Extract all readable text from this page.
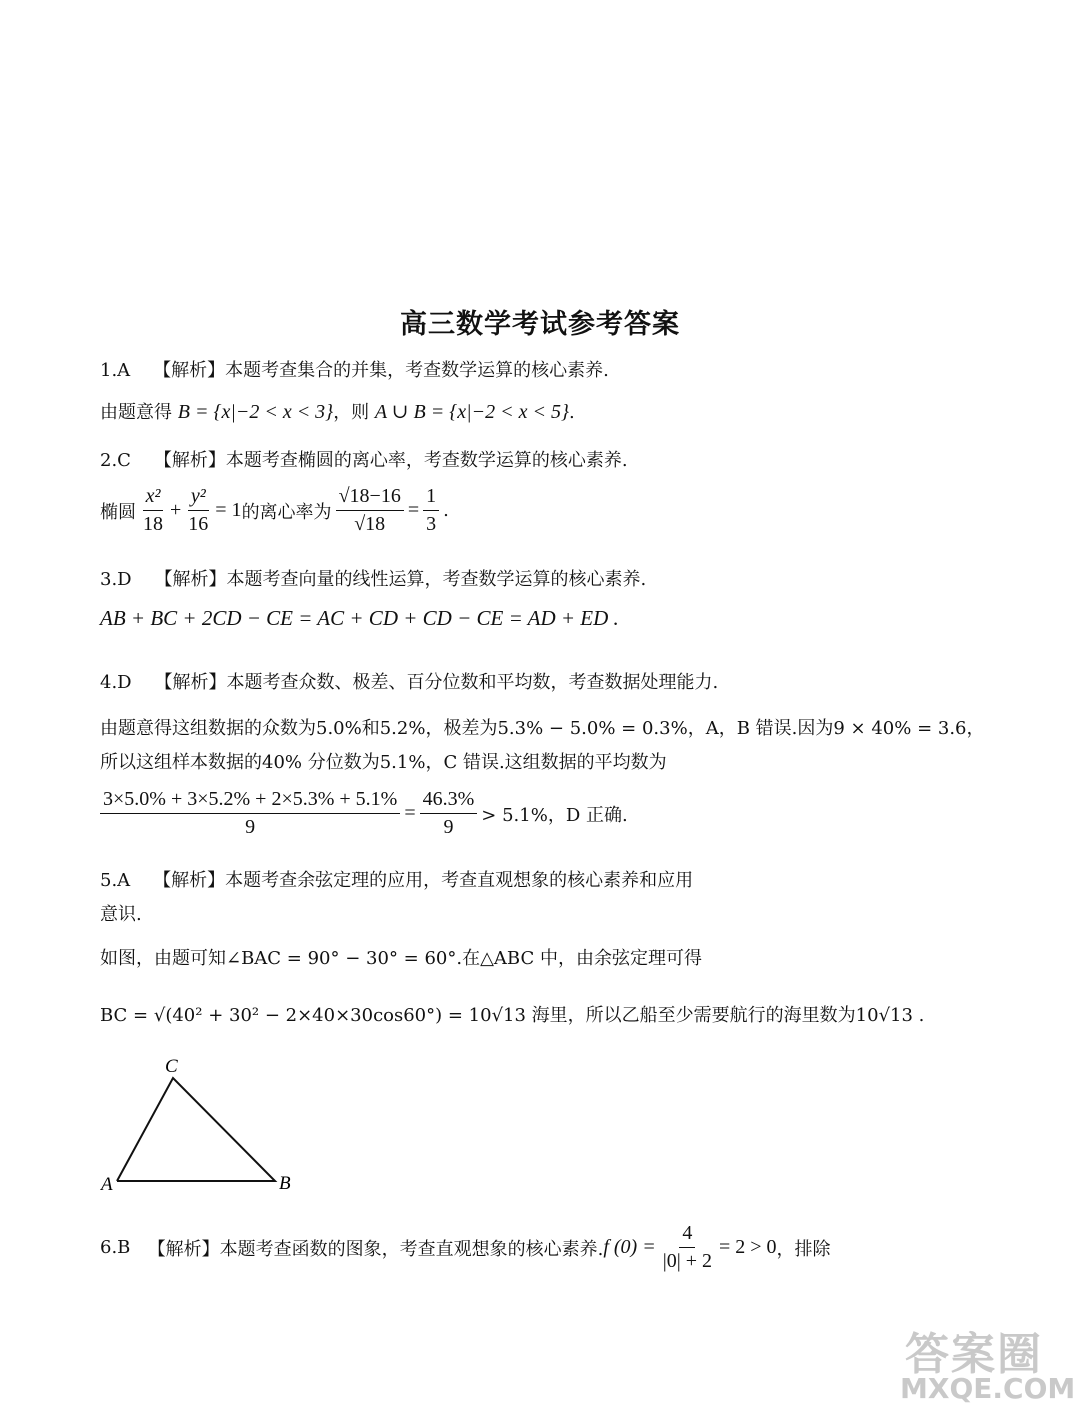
高三数学考试参考答案
1.A 【解析】本题考查集合的并集，考查数学运算的核心素养.
由题意得 B = {x|−2 < x < 3}，则 A ∪ B = {x|−2 < x < 5}.
2.C 【解析】本题考查椭圆的离心率，考查数学运算的核心素养.
椭圆 $\frac{\text{x²}}{18} + \frac{\text{y²}}{16} = 1$ 的离心率为 $\frac{√18-16}{√18} = \frac{1}{3}$ .
3.D 【解析】本题考查向量的线性运算，考查数学运算的核心素养.
AB + BC + 2CD − CE = AC + CD + CD − CE = AD + ED .
4.D 【解析】本题考查众数、极差、百分位数和平均数，考查数据处理能力.
由题意得这组数据的众数为5.0%和5.2%，极差为5.3% − 5.0% = 0.3%，A，B 错误.因为9 × 40% = 3.6，
所以这组样本数据的40% 分位数为5.1%，C 错误.这组数据的平均数为
$\frac{3\times 5.0\% + 3\times 5.2\% + 2\times 5.3\% + 5.1\%}{9} = \frac{46.3\%}{9} > 5.1\%$，D 正确.
5.A 【解析】本题考查余弦定理的应用，考查直观想象的核心素养和应用
意识.
如图，由题可知∠BAC = 90° − 30° = 60°.在△ABC 中，由余弦定理可得
BC = √(40² + 30² − 2×40×30cos60°) = 10√13 海里，所以乙船至少需要航行的海里数为10√13 .
C
A	B
6.B
【解析】 本题考查函数的图象，考查直观想象的核心素养. f $(0) = \frac{4}{|0| + 2} = 2 > 0$ ，排除
答案圈
MXQE.COM
